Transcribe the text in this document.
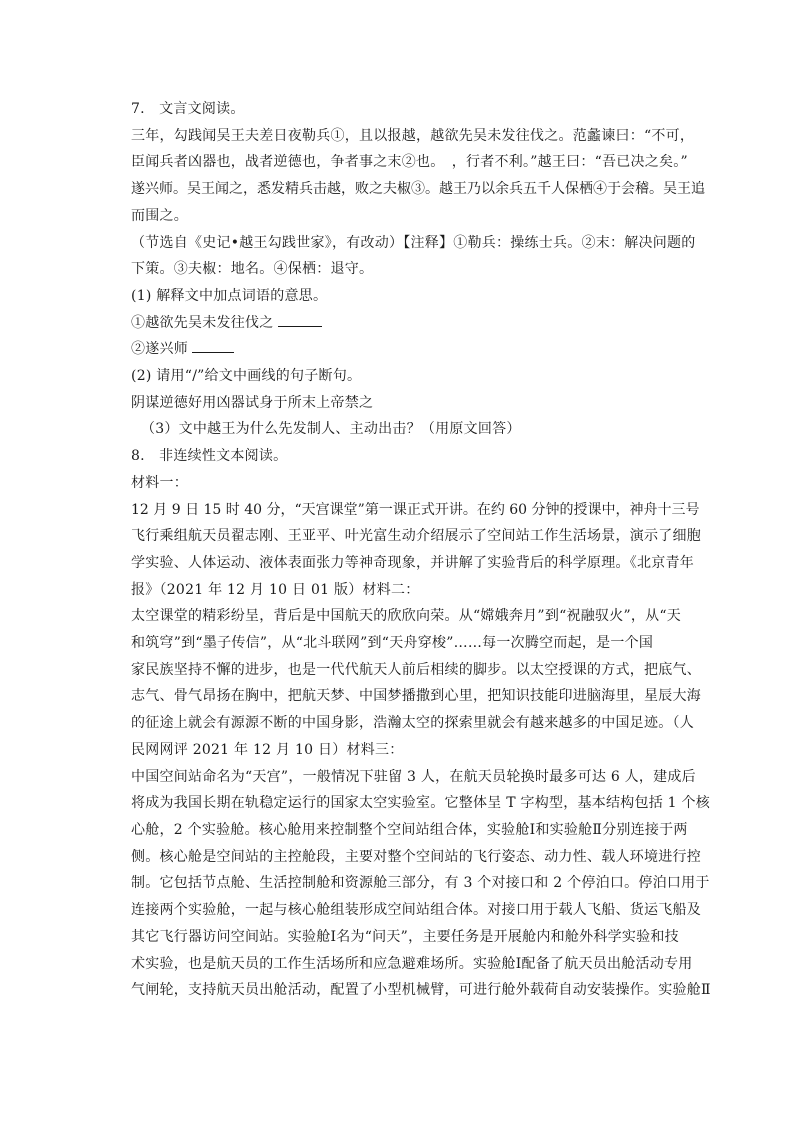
7.　文言文阅读。
三年，勾践闻吴王夫差日夜勒兵①，且以报越，越欲先吴未发往伐之。范蠡谏曰：“不可，
臣闻兵者凶器也，战者逆德也，争者事之末②也。　，行者不利。”越王曰：“吾已决之矣。”
遂兴师。吴王闻之，悉发精兵击越，败之夫椒③。越王乃以余兵五千人保栖④于会稽。吴王追
而围之。
（节选自《史记•越王勾践世家》，有改动）【注释】①勒兵：操练士兵。②末：解决问题的
下策。③夫椒：地名。④保栖：退守。
(1) 解释文中加点词语的意思。
①越欲先吴未发往伐之
②遂兴师
(2) 请用“/”给文中画线的句子断句。
阴谋逆德好用凶器试身于所末上帝禁之
（3）文中越王为什么先发制人、主动出击？（用原文回答）
8.　非连续性文本阅读。
材料一：
12 月 9 日 15 时 40 分，“天宫课堂”第一课正式开讲。在约 60 分钟的授课中，神舟十三号
飞行乘组航天员翟志刚、王亚平、叶光富生动介绍展示了空间站工作生活场景，演示了细胞
学实验、人体运动、液体表面张力等神奇现象，并讲解了实验背后的科学原理。《北京青年
报》（2021 年 12 月 10 日 01 版）材料二：
太空课堂的精彩纷呈，背后是中国航天的欣欣向荣。从“嫦娥奔月”到“祝融驭火”，从“天
和筑穹”到“墨子传信”，从“北斗联网”到“天舟穿梭”……每一次腾空而起，是一个国
家民族坚持不懈的进步，也是一代代航天人前后相续的脚步。以太空授课的方式，把底气、
志气、骨气昂扬在胸中，把航天梦、中国梦播撒到心里，把知识技能印进脑海里，星辰大海
的征途上就会有源源不断的中国身影，浩瀚太空的探索里就会有越来越多的中国足迹。（人
民网网评 2021 年 12 月 10 日）材料三：
中国空间站命名为“天宫”，一般情况下驻留 3 人，在航天员轮换时最多可达 6 人，建成后
将成为我国长期在轨稳定运行的国家太空实验室。它整体呈 T 字构型，基本结构包括 1 个核
心舱，2 个实验舱。核心舱用来控制整个空间站组合体，实验舱Ⅰ和实验舱Ⅱ分别连接于两
侧。核心舱是空间站的主控舱段，主要对整个空间站的飞行姿态、动力性、载人环境进行控
制。它包括节点舱、生活控制舱和资源舱三部分，有 3 个对接口和 2 个停泊口。停泊口用于
连接两个实验舱，一起与核心舱组装形成空间站组合体。对接口用于载人飞船、货运飞船及
其它飞行器访问空间站。实验舱Ⅰ名为“问天”，主要任务是开展舱内和舱外科学实验和技
术实验，也是航天员的工作生活场所和应急避难场所。实验舱Ⅰ配备了航天员出舱活动专用
气闸轮，支持航天员出舱活动，配置了小型机械臂，可进行舱外载荷自动安装操作。实验舱Ⅱ
